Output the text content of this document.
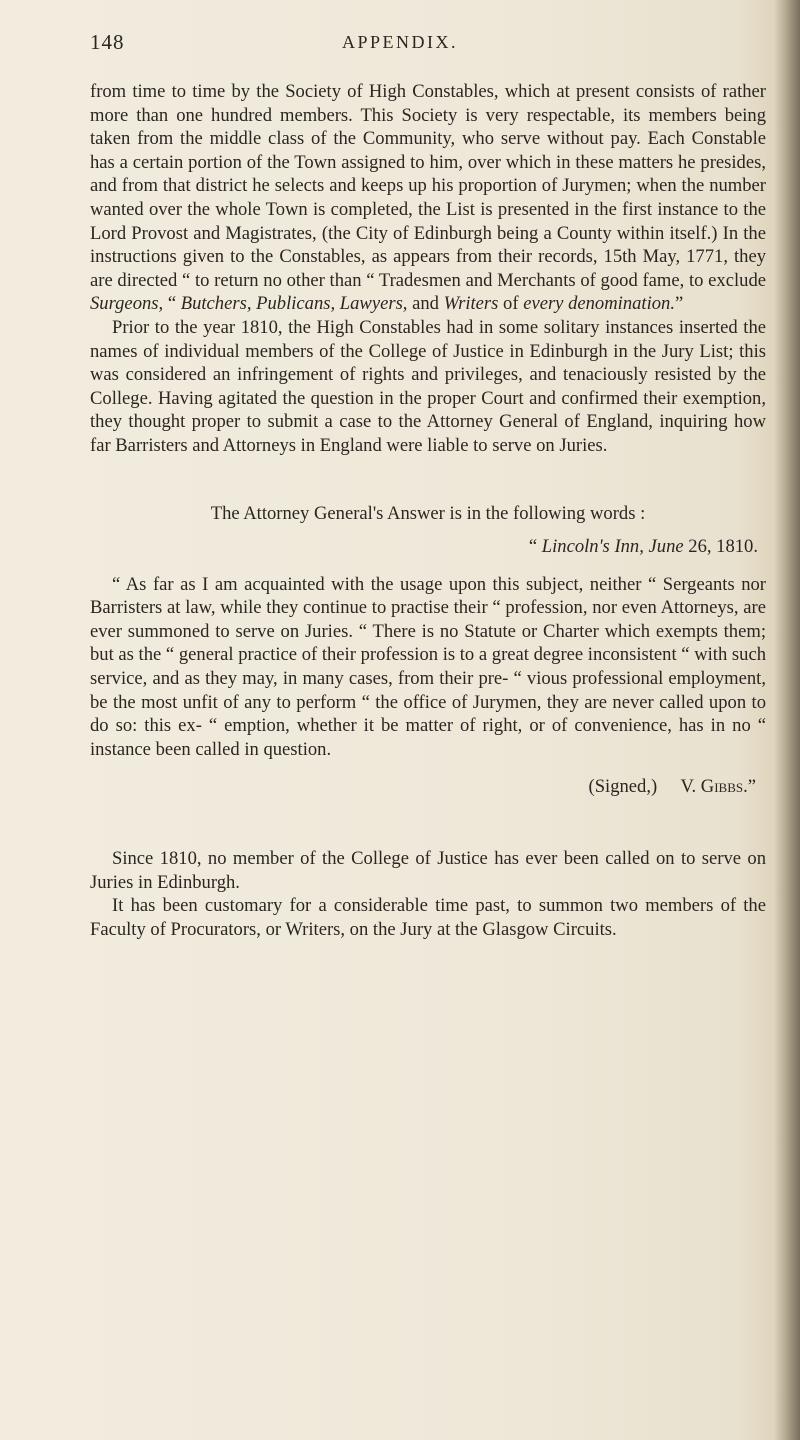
148	APPENDIX.

from time to time by the Society of High Constables, which at present consists of rather more than one hundred members. This Society is very respectable, its members being taken from the middle class of the Community, who serve without pay. Each Constable has a certain portion of the Town assigned to him, over which in these matters he presides, and from that district he selects and keeps up his proportion of Jurymen; when the number wanted over the whole Town is completed, the List is presented in the first instance to the Lord Provost and Magistrates, (the City of Edinburgh being a County within itself.) In the instructions given to the Constables, as appears from their records, 15th May, 1771, they are directed “ to return no other than “ Tradesmen and Merchants of good fame, to exclude Surgeons, “ Butchers, Publicans, Lawyers, and Writers of every denomination.”

Prior to the year 1810, the High Constables had in some solitary instances inserted the names of individual members of the College of Justice in Edinburgh in the Jury List; this was considered an infringement of rights and privileges, and tenaciously resisted by the College. Having agitated the question in the proper Court and confirmed their exemption, they thought proper to submit a case to the Attorney General of England, inquiring how far Barristers and Attorneys in England were liable to serve on Juries.

The Attorney General's Answer is in the following words :

“ Lincoln's Inn, June 26, 1810.

“ As far as I am acquainted with the usage upon this subject, neither “ Sergeants nor Barristers at law, while they continue to practise their “ profession, nor even Attorneys, are ever summoned to serve on Juries. “ There is no Statute or Charter which exempts them; but as the “ general practice of their profession is to a great degree inconsistent “ with such service, and as they may, in many cases, from their pre- “ vious professional employment, be the most unfit of any to perform “ the office of Jurymen, they are never called upon to do so: this ex- “ emption, whether it be matter of right, or of convenience, has in no “ instance been called in question.

(Signed,) V. Gibbs.”

Since 1810, no member of the College of Justice has ever been called on to serve on Juries in Edinburgh.

It has been customary for a considerable time past, to summon two members of the Faculty of Procurators, or Writers, on the Jury at the Glasgow Circuits.
